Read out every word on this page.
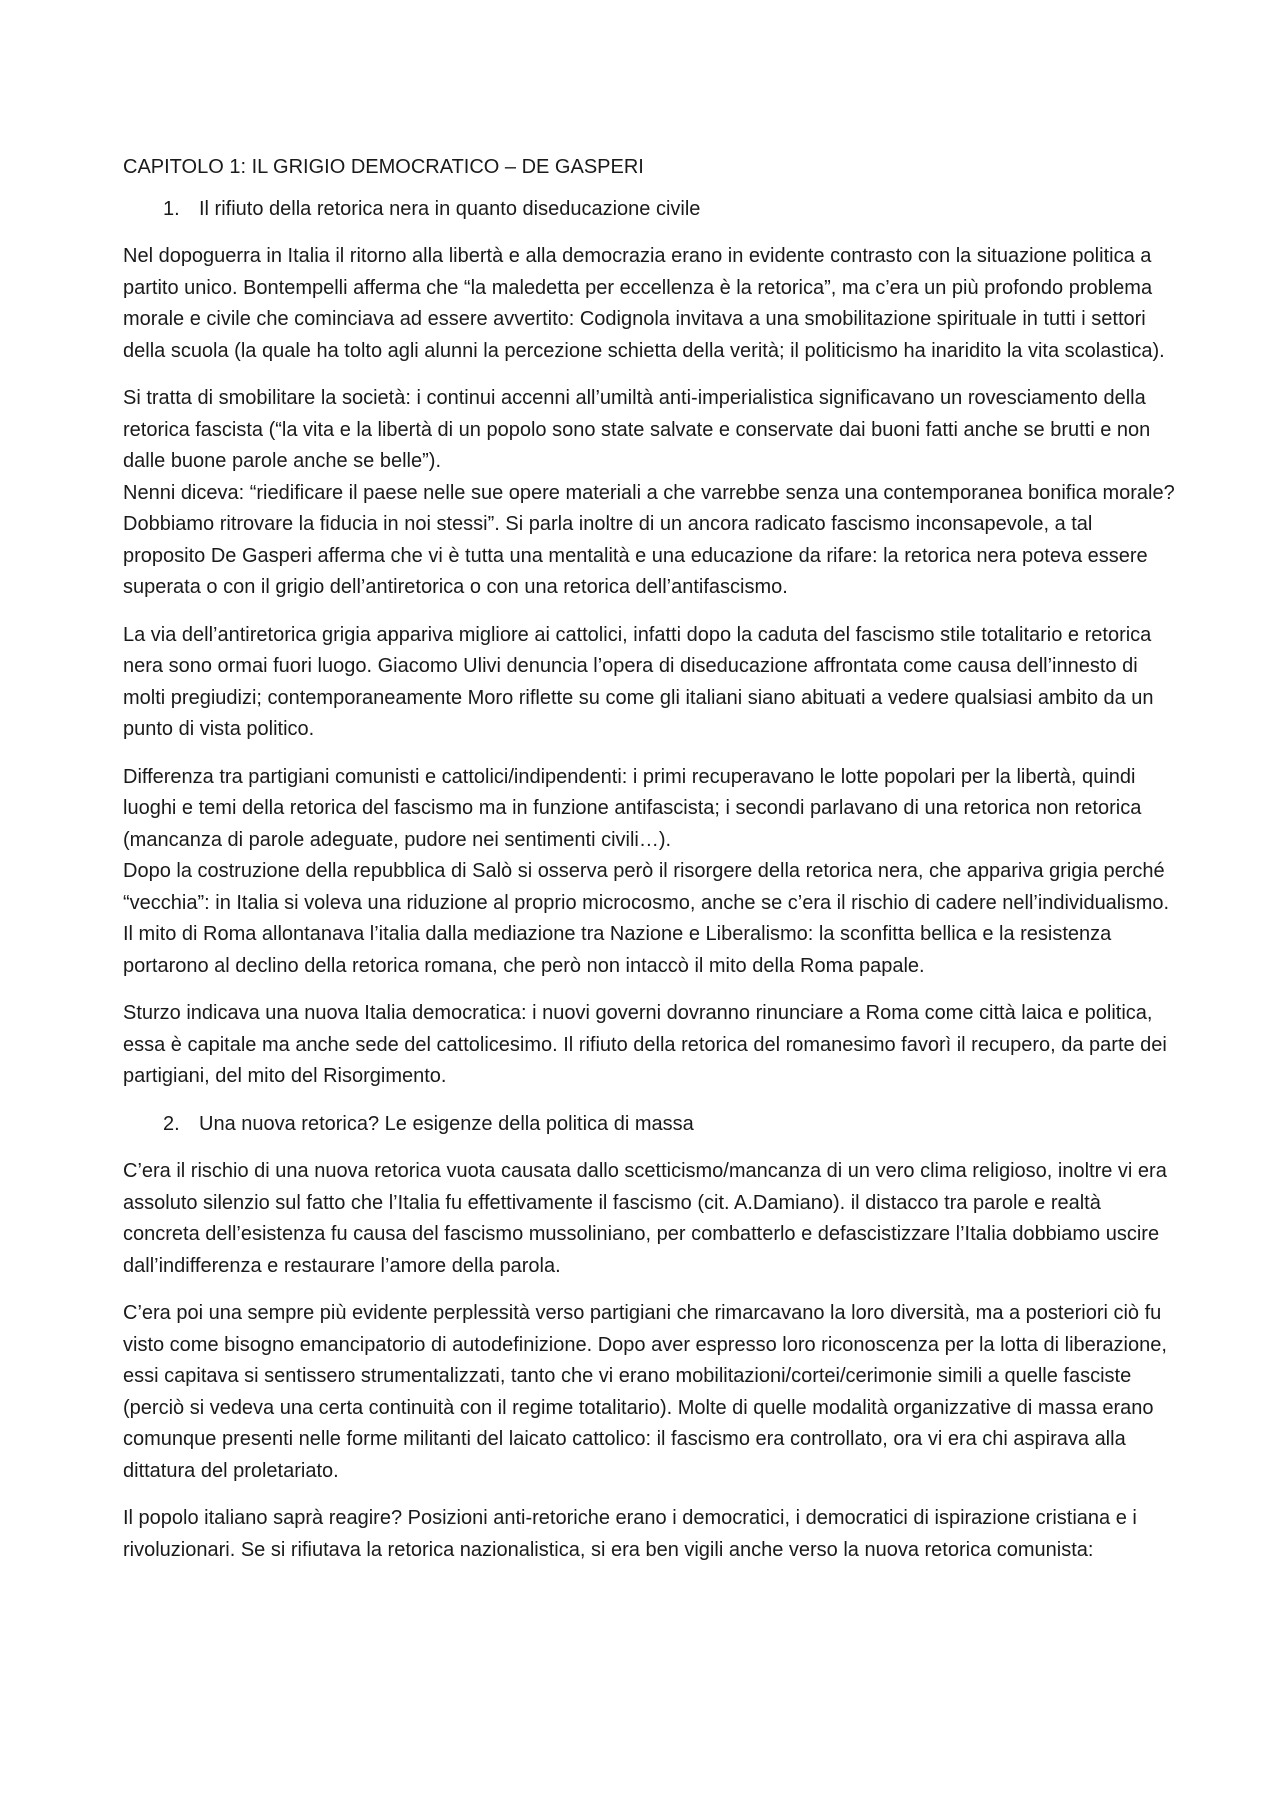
CAPITOLO 1: IL GRIGIO DEMOCRATICO – DE GASPERI
1. Il rifiuto della retorica nera in quanto diseducazione civile

Nel dopoguerra in Italia il ritorno alla libertà e alla democrazia erano in evidente contrasto con la situazione politica a partito unico. Bontempelli afferma che “la maledetta per eccellenza è la retorica”, ma c’era un più profondo problema morale e civile che cominciava ad essere avvertito: Codignola invitava a una smobilitazione spirituale in tutti i settori della scuola (la quale ha tolto agli alunni la percezione schietta della verità; il politicismo ha inaridito la vita scolastica).

Si tratta di smobilitare la società: i continui accenni all’umiltà anti-imperialistica significavano un rovesciamento della retorica fascista (“la vita e la libertà di un popolo sono state salvate e conservate dai buoni fatti anche se brutti e non dalle buone parole anche se belle”).

Nenni diceva: “riedificare il paese nelle sue opere materiali a che varrebbe senza una contemporanea bonifica morale? Dobbiamo ritrovare la fiducia in noi stessi”. Si parla inoltre di un ancora radicato fascismo inconsapevole, a tal proposito De Gasperi afferma che vi è tutta una mentalità e una educazione da rifare: la retorica nera poteva essere superata o con il grigio dell’antiretorica o con una retorica dell’antifascismo.

La via dell’antiretorica grigia appariva migliore ai cattolici, infatti dopo la caduta del fascismo stile totalitario e retorica nera sono ormai fuori luogo. Giacomo Ulivi denuncia l’opera di diseducazione affrontata come causa dell’innesto di molti pregiudizi; contemporaneamente Moro riflette su come gli italiani siano abituati a vedere qualsiasi ambito da un punto di vista politico.

Differenza tra partigiani comunisti e cattolici/indipendenti: i primi recuperavano le lotte popolari per la libertà, quindi luoghi e temi della retorica del fascismo ma in funzione antifascista; i secondi parlavano di una retorica non retorica (mancanza di parole adeguate, pudore nei sentimenti civili…).

Dopo la costruzione della repubblica di Salò si osserva però il risorgere della retorica nera, che appariva grigia perché “vecchia”: in Italia si voleva una riduzione al proprio microcosmo, anche se c’era il rischio di cadere nell’individualismo. Il mito di Roma allontanava l’italia dalla mediazione tra Nazione e Liberalismo: la sconfitta bellica e la resistenza portarono al declino della retorica romana, che però non intaccò il mito della Roma papale.

Sturzo indicava una nuova Italia democratica: i nuovi governi dovranno rinunciare a Roma come città laica e politica, essa è capitale ma anche sede del cattolicesimo. Il rifiuto della retorica del romanesimo favorì il recupero, da parte dei partigiani, del mito del Risorgimento.

2. Una nuova retorica? Le esigenze della politica di massa

C’era il rischio di una nuova retorica vuota causata dallo scetticismo/mancanza di un vero clima religioso, inoltre vi era assoluto silenzio sul fatto che l’Italia fu effettivamente il fascismo (cit. A.Damiano). il distacco tra parole e realtà concreta dell’esistenza fu causa del fascismo mussoliniano, per combatterlo e defascistizzare l’Italia dobbiamo uscire dall’indifferenza e restaurare l’amore della parola.

C’era poi una sempre più evidente perplessità verso partigiani che rimarcavano la loro diversità, ma a posteriori ciò fu visto come bisogno emancipatorio di autodefinizione. Dopo aver espresso loro riconoscenza per la lotta di liberazione, essi capitava si sentissero strumentalizzati, tanto che vi erano mobilitazioni/cortei/cerimonie simili a quelle fasciste (perciò si vedeva una certa continuità con il regime totalitario). Molte di quelle modalità organizzative di massa erano comunque presenti nelle forme militanti del laicato cattolico: il fascismo era controllato, ora vi era chi aspirava alla dittatura del proletariato.

Il popolo italiano saprà reagire? Posizioni anti-retoriche erano i democratici, i democratici di ispirazione cristiana e i rivoluzionari. Se si rifiutava la retorica nazionalistica, si era ben vigili anche verso la nuova retorica comunista:
